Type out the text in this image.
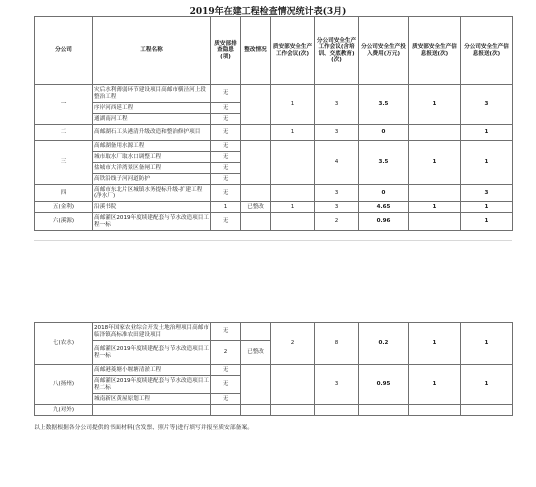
2019年在建工程检查情况统计表(3月)
分公司	工程名称	质安部排查隐患(项)	整改情况	质安部安全生产工作会议(次)	分公司安全生产工作会议(含培训、交底教育)(次)	分公司安全生产投入费用(万元)	质安部安全生产信息报送(次)	分公司安全生产信息报送(次)
一	灾后水利薄弱环节建设项目高邮市横泾河上段整治工程	无		1	3	3.5	1	3
	序岸河西延工程	无						
	通湖南河工程	无						
二	高邮湖石工头港清升级改造和整治修护项目	无		1	3	0		1
三	高邮湖备用水源工程	无			4	3.5	1	1
	城市取水厂取水口调整工程	无						
	盐城市大洋湾景区备闸工程	无						
	高铁沿线子河河道防护	无						
四	高邮市东北片区城镇水务提标升级-扩建工程(净水厂)	无			3	0		3
五(金利)	沿溪书院	1	已整改	1	3	4.65	1	1
六(溪源)	高邮灌区2019年度续建配套与节水改造项目工程一标	无			2	0.96		1
七(农水)	2018年国家农业综合开发土地治理项目高邮市临泽镇高标准农田建设项目	无		2	8	0.2	1	1
	高邮灌区2019年度续建配套与节水改造项目工程一标	2	已整改					
八(扬州)	高邮港菱塘小堰塘清淤工程	无			3	0.95	1	1
	高邮灌区2019年度续建配套与节水改造项目工程二标	无						
	城南新区黄屋原划工程	无						
九(对外)								
以上数据根据各分公司提供的书面材料(含发票、照片等)进行填写并报至质安部备案。
